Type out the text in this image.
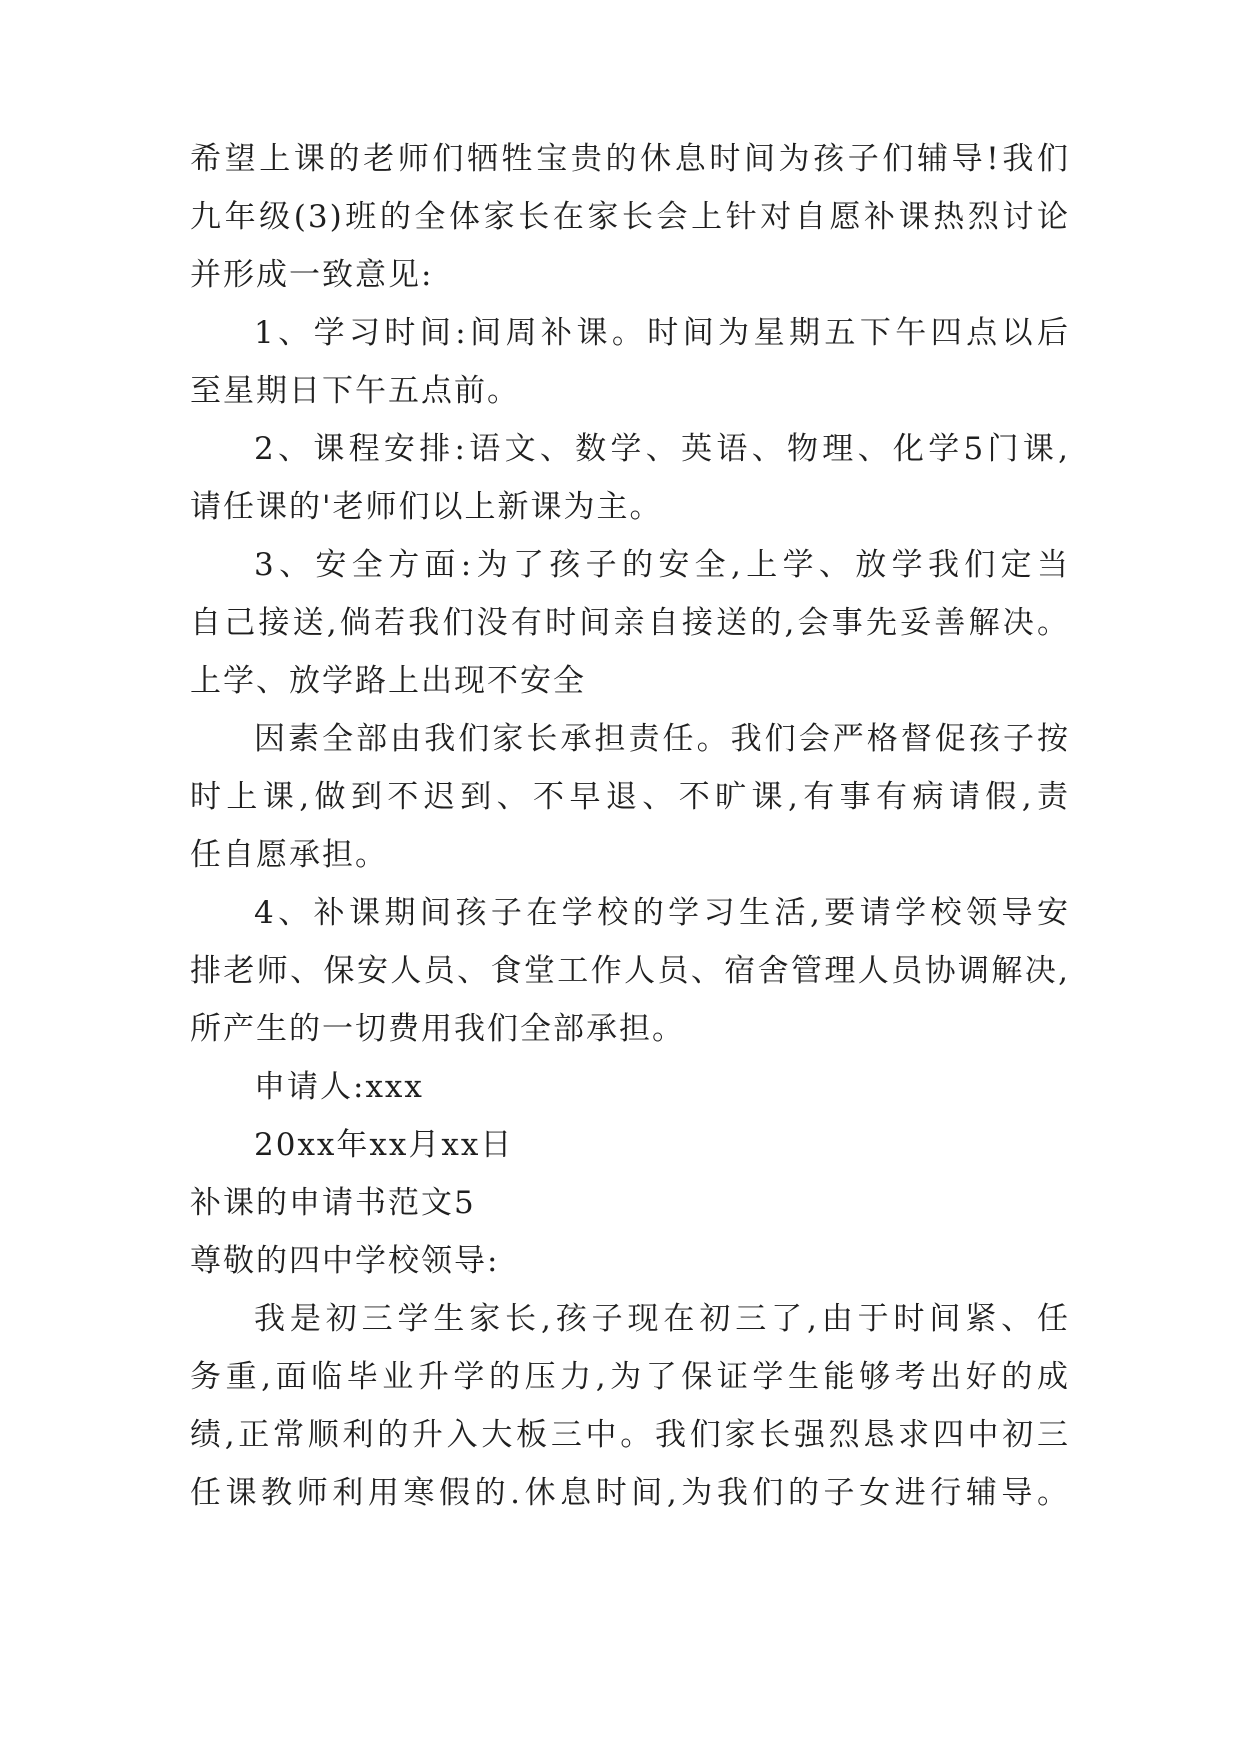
希望上课的老师们牺牲宝贵的休息时间为孩子们辅导!我们
九年级(3)班的全体家长在家长会上针对自愿补课热烈讨论
并形成一致意见:
1、学习时间:间周补课。时间为星期五下午四点以后
至星期日下午五点前。
2、课程安排:语文、数学、英语、物理、化学5门课,
请任课的'老师们以上新课为主。
3、安全方面:为了孩子的安全,上学、放学我们定当
自己接送,倘若我们没有时间亲自接送的,会事先妥善解决。
上学、放学路上出现不安全
因素全部由我们家长承担责任。我们会严格督促孩子按
时上课,做到不迟到、不早退、不旷课,有事有病请假,责
任自愿承担。
4、补课期间孩子在学校的学习生活,要请学校领导安
排老师、保安人员、食堂工作人员、宿舍管理人员协调解决,
所产生的一切费用我们全部承担。
申请人:xxx
20xx年xx月xx日
补课的申请书范文5
尊敬的四中学校领导:
我是初三学生家长,孩子现在初三了,由于时间紧、任
务重,面临毕业升学的压力,为了保证学生能够考出好的成
绩,正常顺利的升入大板三中。我们家长强烈恳求四中初三
任课教师利用寒假的.休息时间,为我们的子女进行辅导。
